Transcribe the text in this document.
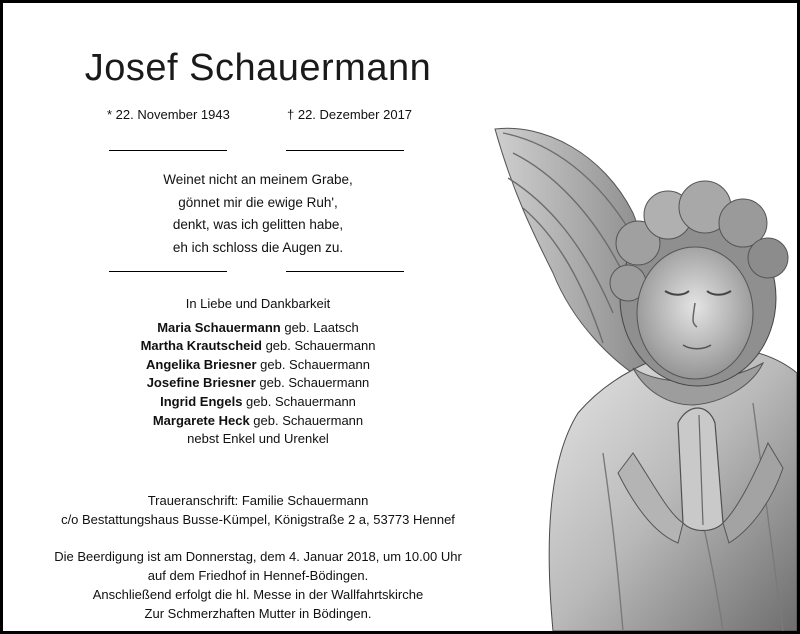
Josef Schauermann
* 22. November 1943	† 22. Dezember 2017
Weinet nicht an meinem Grabe,
gönnet mir die ewige Ruh',
denkt, was ich gelitten habe,
eh ich schloss die Augen zu.
In Liebe und Dankbarkeit
Maria Schauermann geb. Laatsch
Martha Krautscheid geb. Schauermann
Angelika Briesner geb. Schauermann
Josefine Briesner geb. Schauermann
Ingrid Engels geb. Schauermann
Margarete Heck geb. Schauermann
nebst Enkel und Urenkel
Traueranschrift: Familie Schauermann
c/o Bestattungshaus Busse-Kümpel, Königstraße 2 a, 53773 Hennef
Die Beerdigung ist am Donnerstag, dem 4. Januar 2018, um 10.00 Uhr
auf dem Friedhof in Hennef-Bödingen.
Anschließend erfolgt die hl. Messe in der Wallfahrtskirche
Zur Schmerzhaften Mutter in Bödingen.
